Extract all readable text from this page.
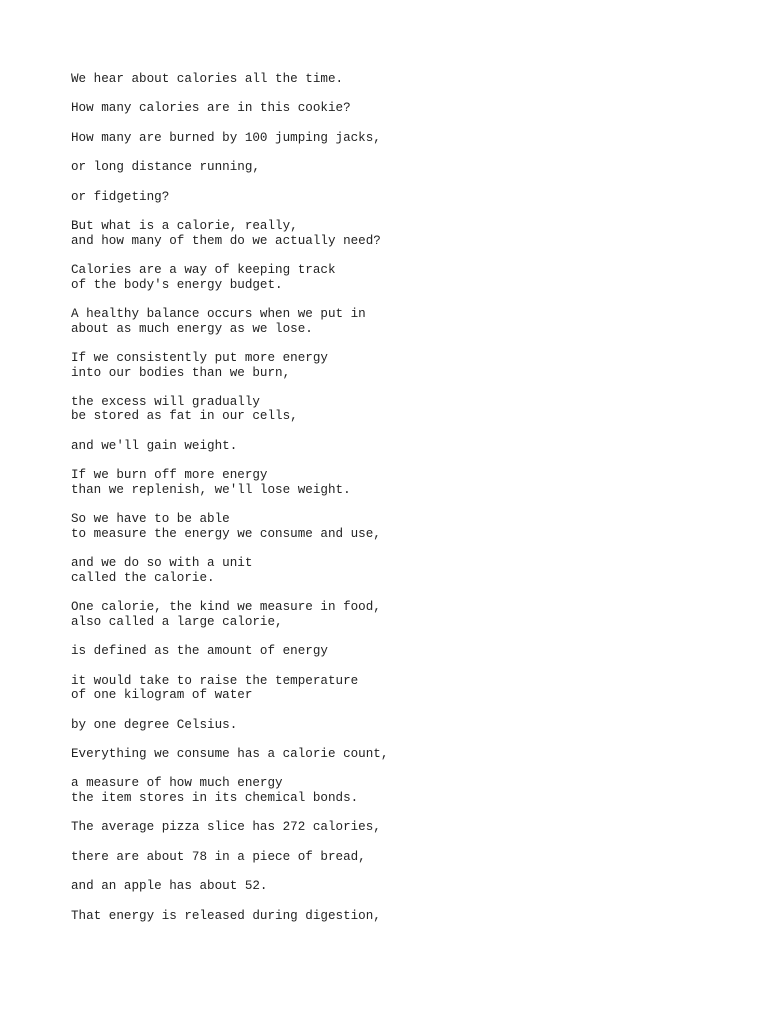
We hear about calories all the time.
How many calories are in this cookie?
How many are burned by 100 jumping jacks,
or long distance running,
or fidgeting?
But what is a calorie, really,
and how many of them do we actually need?
Calories are a way of keeping track
of the body's energy budget.
A healthy balance occurs when we put in
about as much energy as we lose.
If we consistently put more energy
into our bodies than we burn,
the excess will gradually
be stored as fat in our cells,
and we'll gain weight.
If we burn off more energy
than we replenish, we'll lose weight.
So we have to be able
to measure the energy we consume and use,
and we do so with a unit
called the calorie.
One calorie, the kind we measure in food,
also called a large calorie,
is defined as the amount of energy
it would take to raise the temperature
of one kilogram of water
by one degree Celsius.
Everything we consume has a calorie count,
a measure of how much energy
the item stores in its chemical bonds.
The average pizza slice has 272 calories,
there are about 78 in a piece of bread,
and an apple has about 52.
That energy is released during digestion,
